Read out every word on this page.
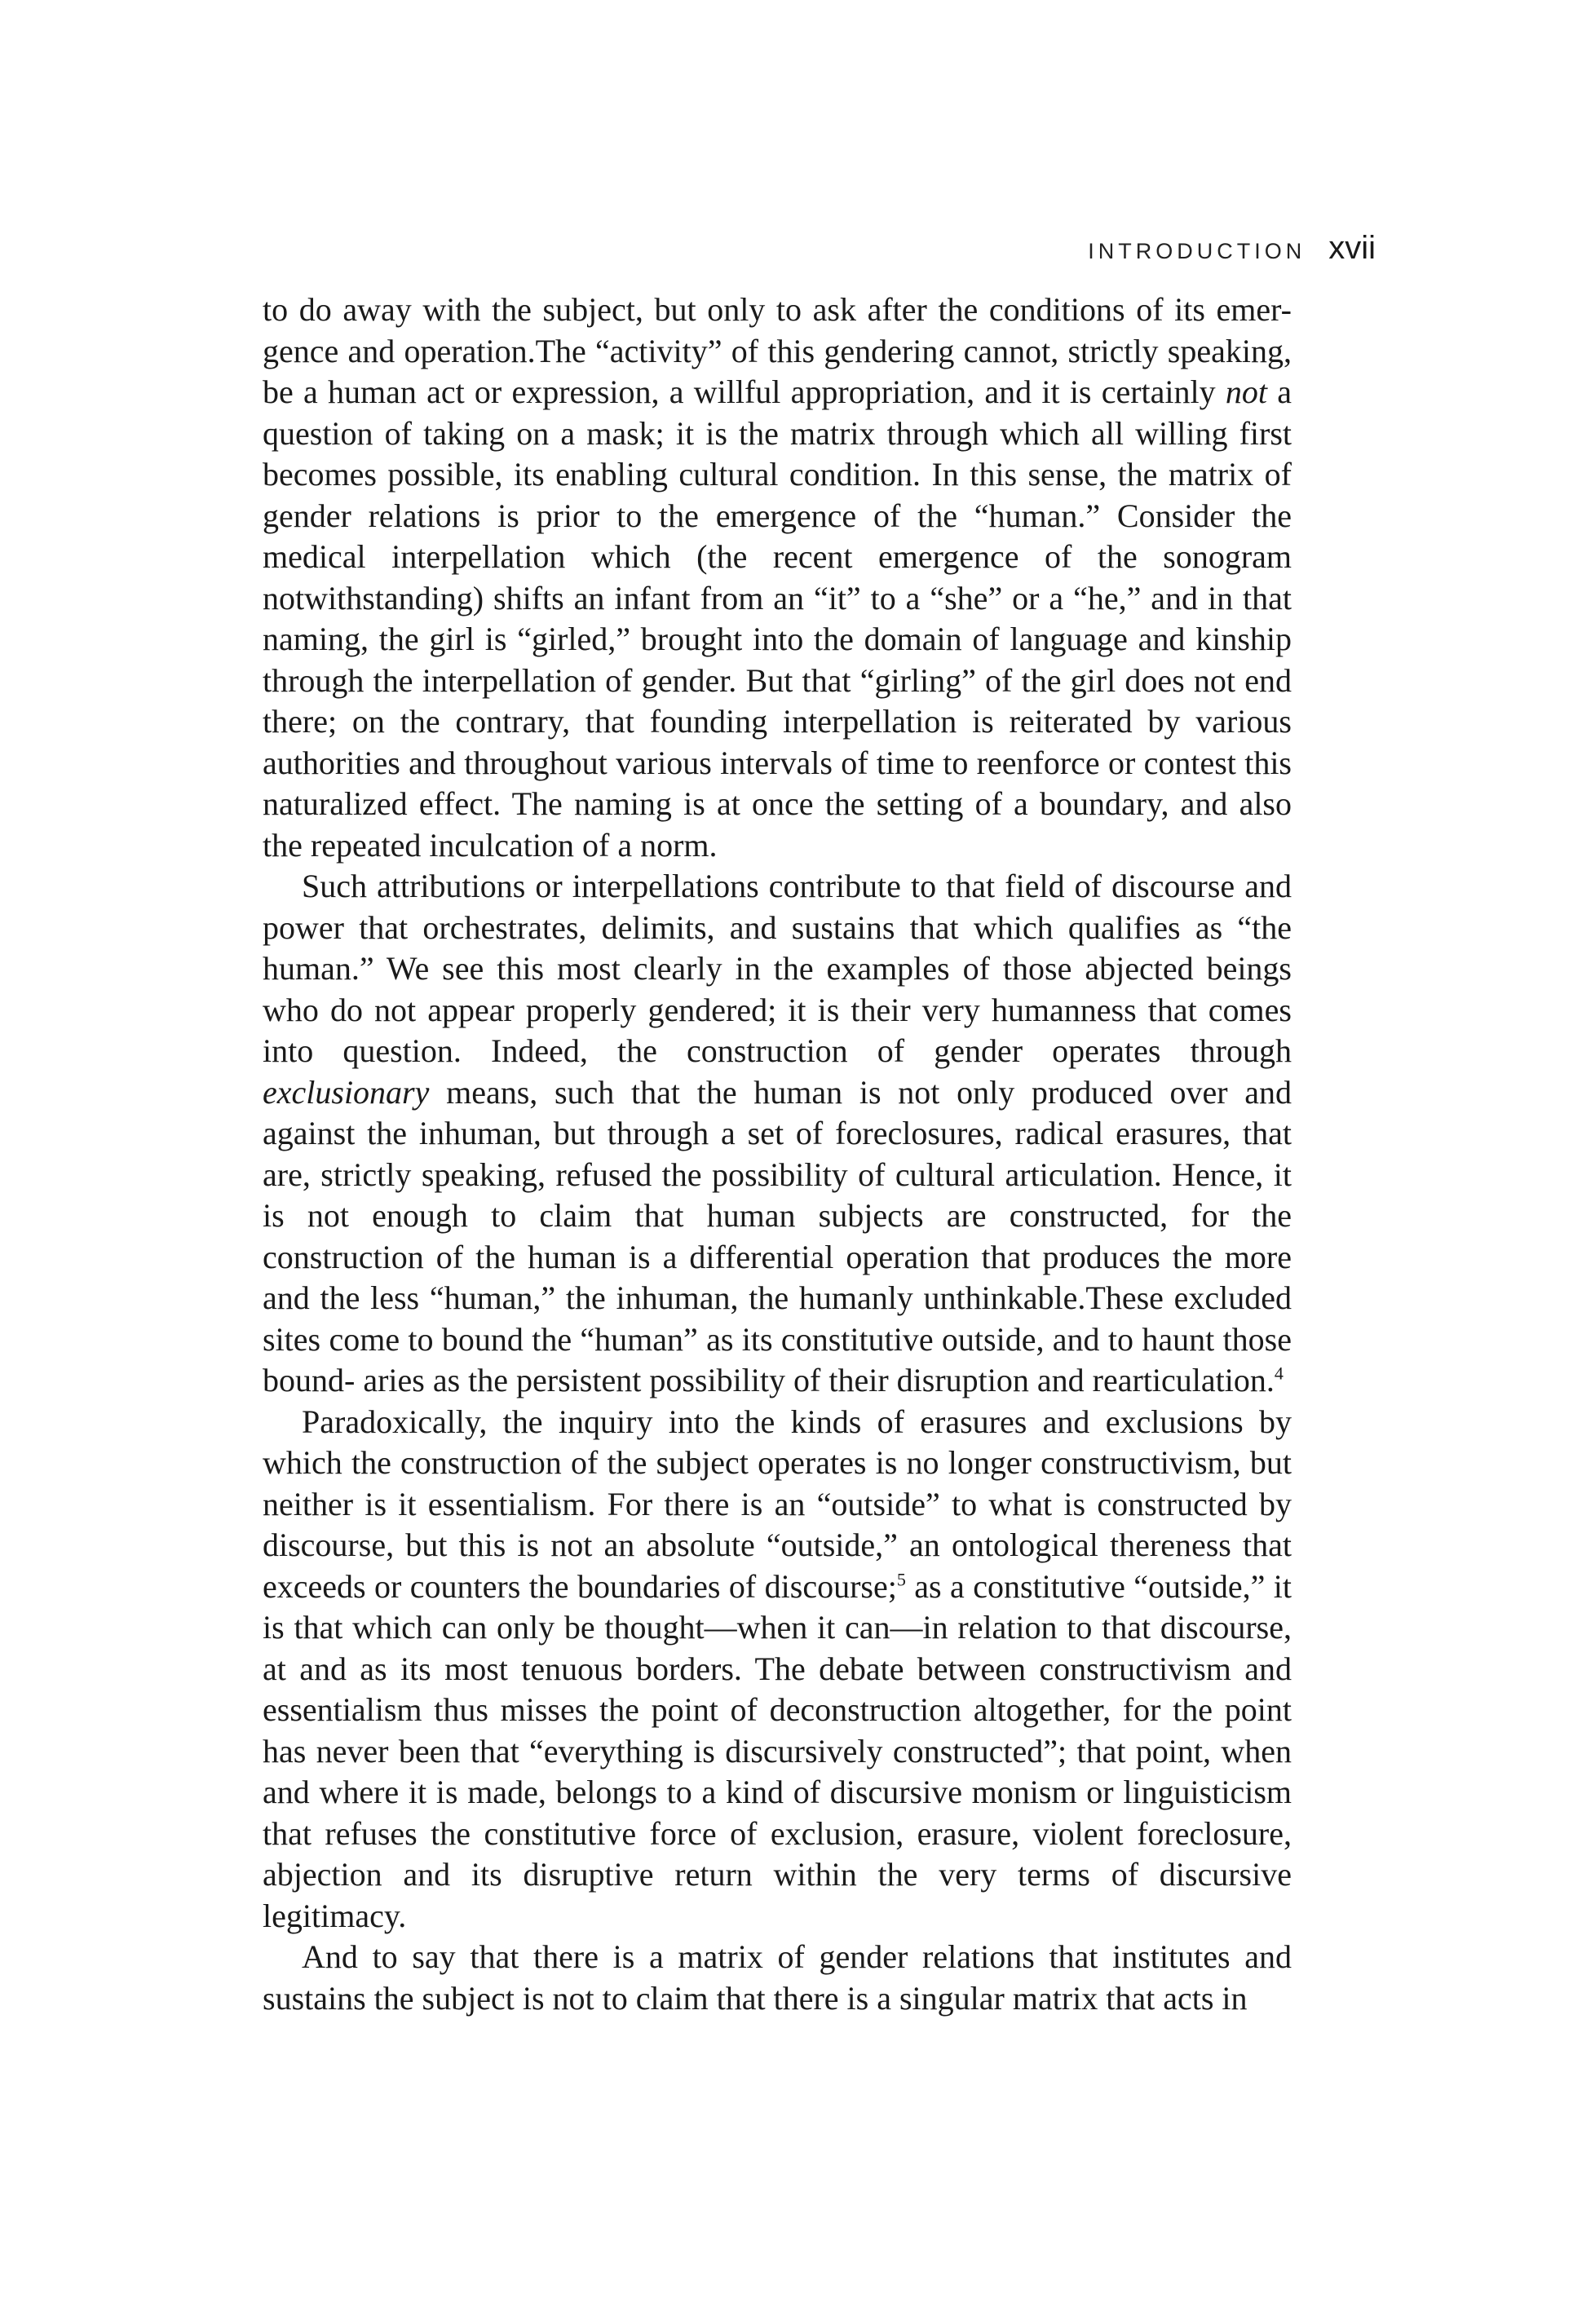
INTRODUCTION xvii

to do away with the subject, but only to ask after the conditions of its emer- gence and operation.The “activity” of this gendering cannot, strictly speaking, be a human act or expression, a willful appropriation, and it is certainly not a question of taking on a mask; it is the matrix through which all willing first becomes possible, its enabling cultural condition. In this sense, the matrix of gender relations is prior to the emergence of the “human.” Consider the medical interpellation which (the recent emergence of the sonogram notwithstanding) shifts an infant from an “it” to a “she” or a “he,” and in that naming, the girl is “girled,” brought into the domain of language and kinship through the interpellation of gender. But that “girling” of the girl does not end there; on the contrary, that founding interpellation is reiterated by various authorities and throughout various intervals of time to reenforce or contest this naturalized effect. The naming is at once the setting of a boundary, and also the repeated inculcation of a norm.

Such attributions or interpellations contribute to that field of discourse and power that orchestrates, delimits, and sustains that which qualifies as “the human.” We see this most clearly in the examples of those abjected beings who do not appear properly gendered; it is their very humanness that comes into question. Indeed, the construction of gender operates through exclusionary means, such that the human is not only produced over and against the inhuman, but through a set of foreclosures, radical erasures, that are, strictly speaking, refused the possibility of cultural articulation. Hence, it is not enough to claim that human subjects are constructed, for the construction of the human is a differential operation that produces the more and the less “human,” the inhuman, the humanly unthinkable.These excluded sites come to bound the “human” as its constitutive outside, and to haunt those bound- aries as the persistent possibility of their disruption and rearticulation.$^4$

Paradoxically, the inquiry into the kinds of erasures and exclusions by which the construction of the subject operates is no longer constructivism, but neither is it essentialism. For there is an “outside” to what is constructed by discourse, but this is not an absolute “outside,” an ontological thereness that exceeds or counters the boundaries of discourse;$^5$ as a constitutive “outside,” it is that which can only be thought—when it can—in relation to that discourse, at and as its most tenuous borders. The debate between constructivism and essentialism thus misses the point of deconstruction altogether, for the point has never been that “everything is discursively constructed”; that point, when and where it is made, belongs to a kind of discursive monism or linguisticism that refuses the constitutive force of exclusion, erasure, violent foreclosure, abjection and its disruptive return within the very terms of discursive legitimacy.

And to say that there is a matrix of gender relations that institutes and sustains the subject is not to claim that there is a singular matrix that acts in
